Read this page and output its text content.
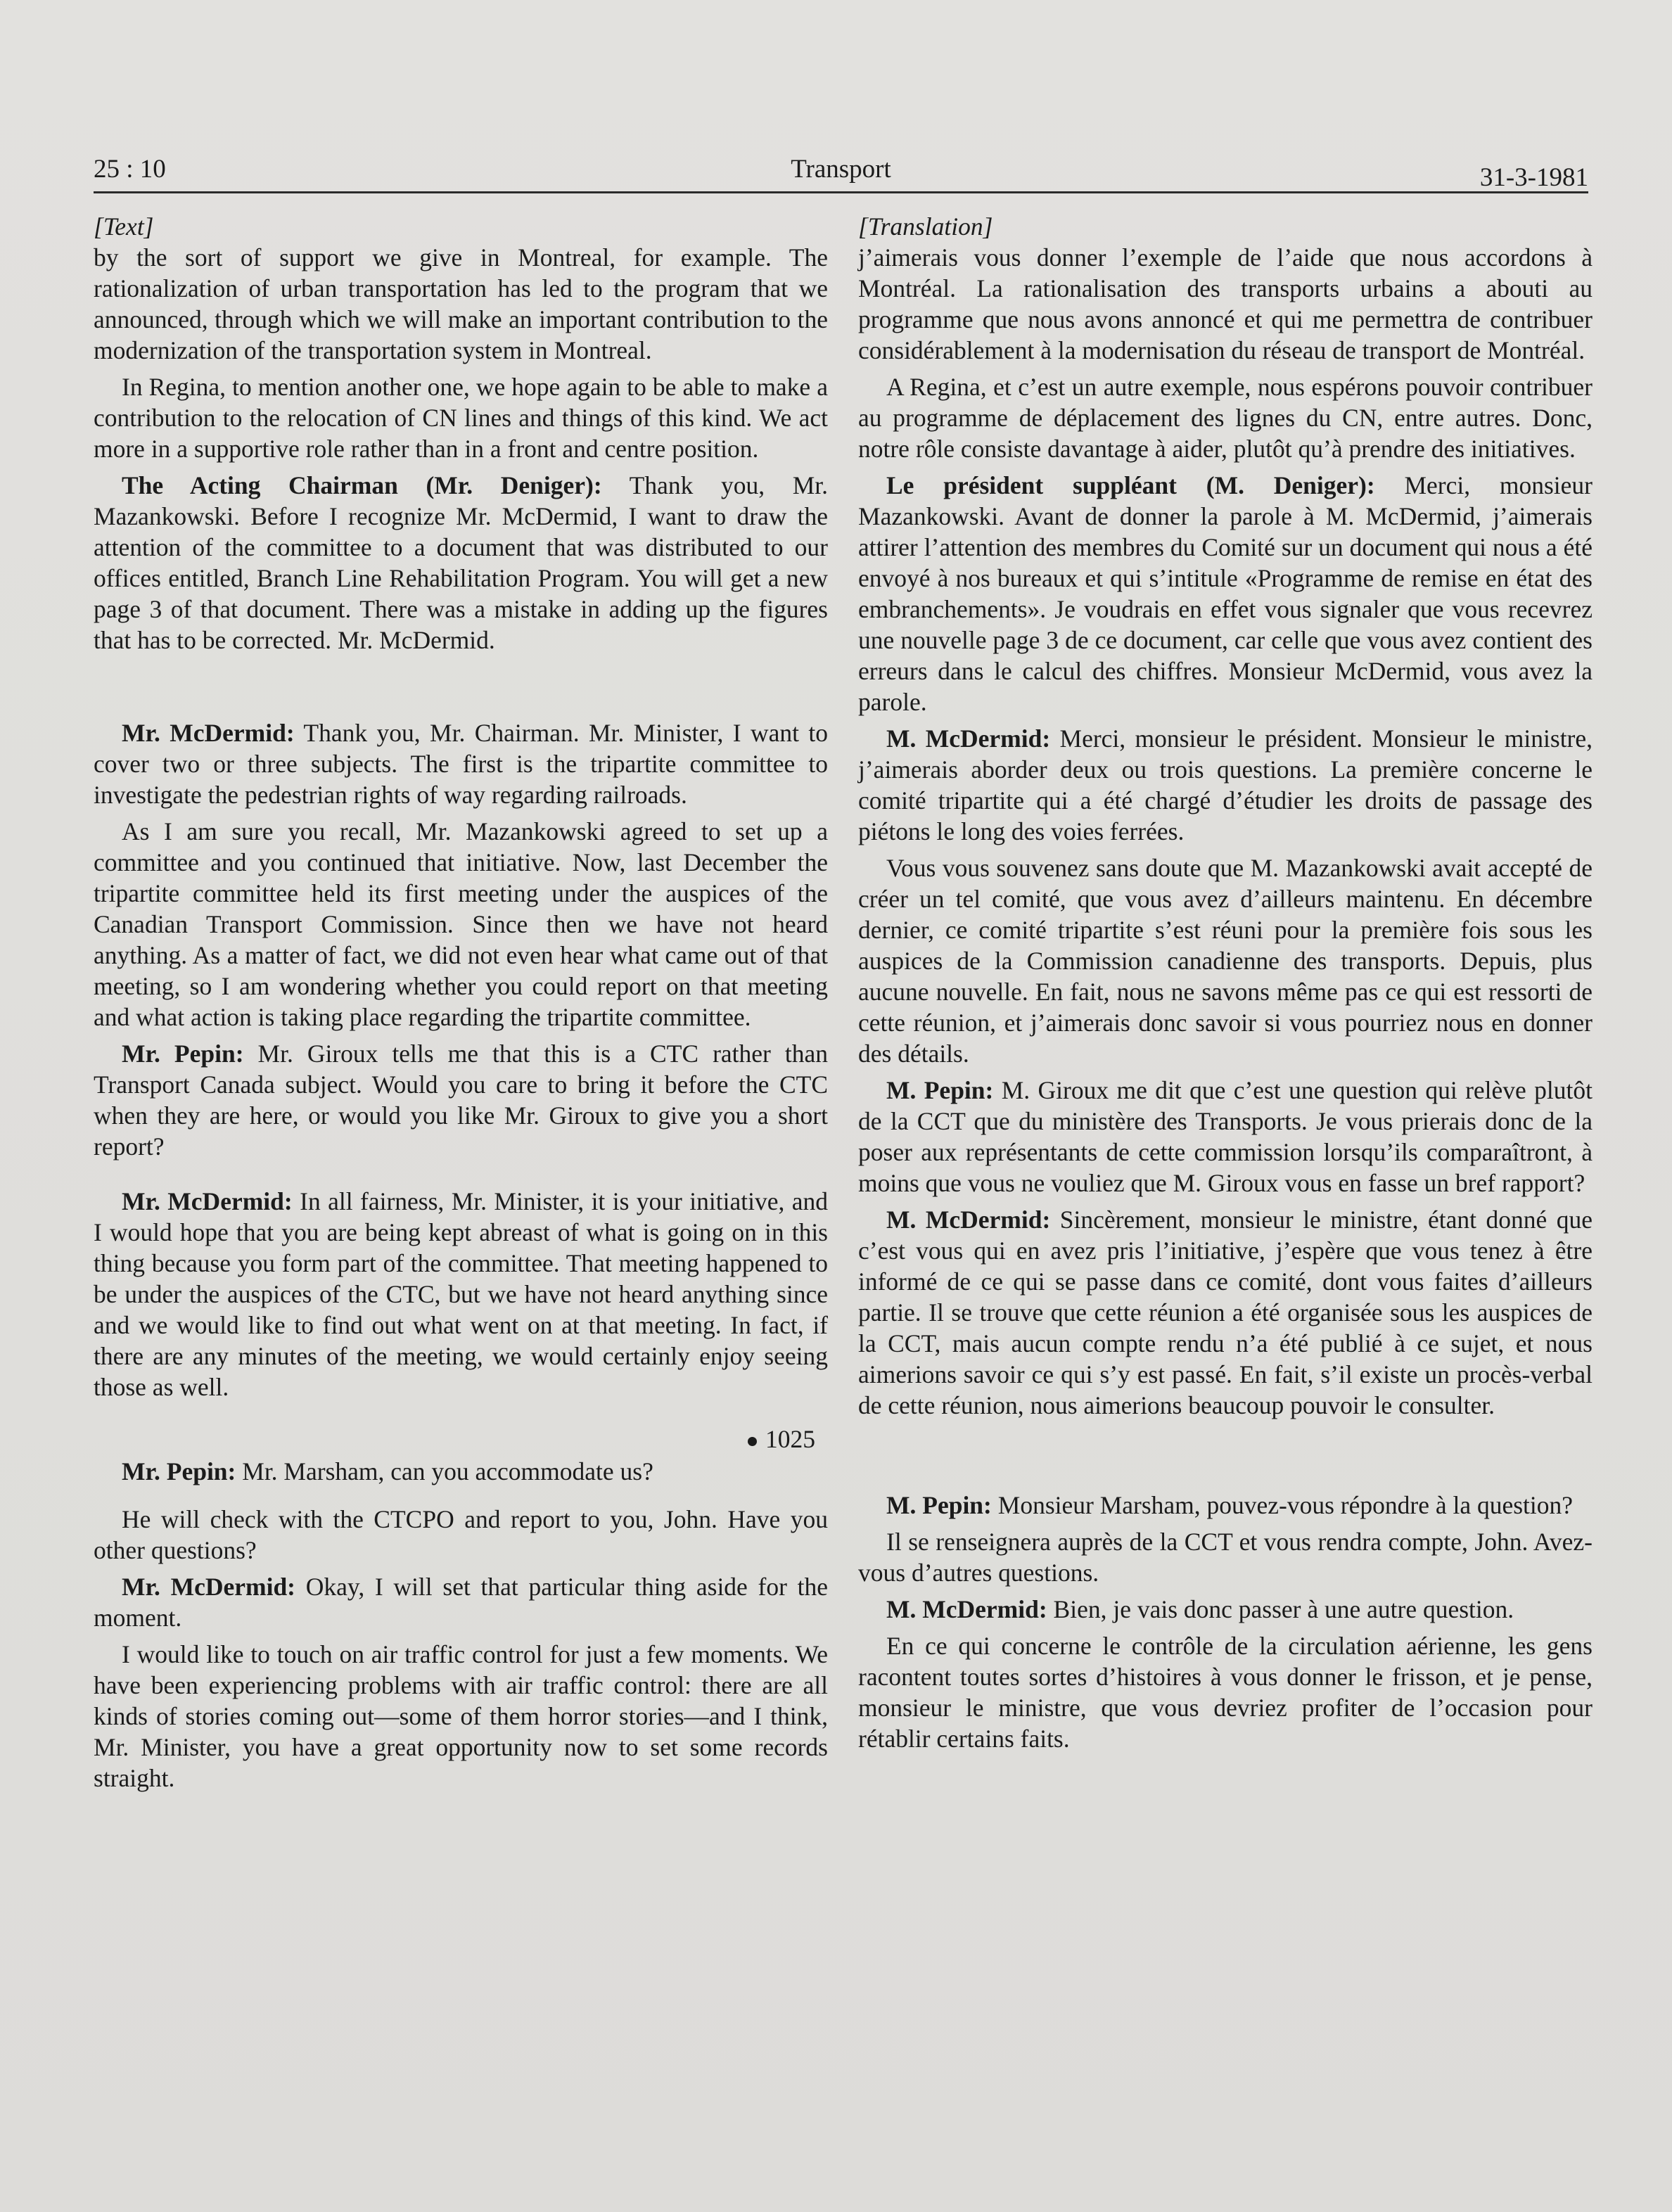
25 : 10	Transport	31-3-1981

[Text]

by the sort of support we give in Montreal, for example. The rationalization of urban transportation has led to the program that we announced, through which we will make an important contribution to the modernization of the transportation system in Montreal.

In Regina, to mention another one, we hope again to be able to make a contribution to the relocation of CN lines and things of this kind. We act more in a supportive role rather than in a front and centre position.

The Acting Chairman (Mr. Deniger): Thank you, Mr. Mazankowski. Before I recognize Mr. McDermid, I want to draw the attention of the committee to a document that was distributed to our offices entitled, Branch Line Rehabilitation Program. You will get a new page 3 of that document. There was a mistake in adding up the figures that has to be corrected. Mr. McDermid.

Mr. McDermid: Thank you, Mr. Chairman. Mr. Minister, I want to cover two or three subjects. The first is the tripartite committee to investigate the pedestrian rights of way regarding railroads.

As I am sure you recall, Mr. Mazankowski agreed to set up a committee and you continued that initiative. Now, last December the tripartite committee held its first meeting under the auspices of the Canadian Transport Commission. Since then we have not heard anything. As a matter of fact, we did not even hear what came out of that meeting, so I am wondering whether you could report on that meeting and what action is taking place regarding the tripartite committee.

Mr. Pepin: Mr. Giroux tells me that this is a CTC rather than Transport Canada subject. Would you care to bring it before the CTC when they are here, or would you like Mr. Giroux to give you a short report?

Mr. McDermid: In all fairness, Mr. Minister, it is your initiative, and I would hope that you are being kept abreast of what is going on in this thing because you form part of the committee. That meeting happened to be under the auspices of the CTC, but we have not heard anything since and we would like to find out what went on at that meeting. In fact, if there are any minutes of the meeting, we would certainly enjoy seeing those as well.

1025

Mr. Pepin: Mr. Marsham, can you accommodate us?

He will check with the CTCPO and report to you, John. Have you other questions?

Mr. McDermid: Okay, I will set that particular thing aside for the moment.

I would like to touch on air traffic control for just a few moments. We have been experiencing problems with air traffic control: there are all kinds of stories coming out—some of them horror stories—and I think, Mr. Minister, you have a great opportunity now to set some records straight.

[Translation]

j’aimerais vous donner l’exemple de l’aide que nous accordons à Montréal. La rationalisation des transports urbains a abouti au programme que nous avons annoncé et qui me permettra de contribuer considérablement à la modernisation du réseau de transport de Montréal.

A Regina, et c’est un autre exemple, nous espérons pouvoir contribuer au programme de déplacement des lignes du CN, entre autres. Donc, notre rôle consiste davantage à aider, plutôt qu’à prendre des initiatives.

Le président suppléant (M. Deniger): Merci, monsieur Mazankowski. Avant de donner la parole à M. McDermid, j’aimerais attirer l’attention des membres du Comité sur un document qui nous a été envoyé à nos bureaux et qui s’intitule «Programme de remise en état des embranchements». Je voudrais en effet vous signaler que vous recevrez une nouvelle page 3 de ce document, car celle que vous avez contient des erreurs dans le calcul des chiffres. Monsieur McDermid, vous avez la parole.

M. McDermid: Merci, monsieur le président. Monsieur le ministre, j’aimerais aborder deux ou trois questions. La première concerne le comité tripartite qui a été chargé d’étudier les droits de passage des piétons le long des voies ferrées.

Vous vous souvenez sans doute que M. Mazankowski avait accepté de créer un tel comité, que vous avez d’ailleurs maintenu. En décembre dernier, ce comité tripartite s’est réuni pour la première fois sous les auspices de la Commission canadienne des transports. Depuis, plus aucune nouvelle. En fait, nous ne savons même pas ce qui est ressorti de cette réunion, et j’aimerais donc savoir si vous pourriez nous en donner des détails.

M. Pepin: M. Giroux me dit que c’est une question qui relève plutôt de la CCT que du ministère des Transports. Je vous prierais donc de la poser aux représentants de cette commission lorsqu’ils comparaîtront, à moins que vous ne vouliez que M. Giroux vous en fasse un bref rapport?

M. McDermid: Sincèrement, monsieur le ministre, étant donné que c’est vous qui en avez pris l’initiative, j’espère que vous tenez à être informé de ce qui se passe dans ce comité, dont vous faites d’ailleurs partie. Il se trouve que cette réunion a été organisée sous les auspices de la CCT, mais aucun compte rendu n’a été publié à ce sujet, et nous aimerions savoir ce qui s’y est passé. En fait, s’il existe un procès-verbal de cette réunion, nous aimerions beaucoup pouvoir le consulter.

M. Pepin: Monsieur Marsham, pouvez-vous répondre à la question?

Il se renseignera auprès de la CCT et vous rendra compte, John. Avez-vous d’autres questions.

M. McDermid: Bien, je vais donc passer à une autre question.

En ce qui concerne le contrôle de la circulation aérienne, les gens racontent toutes sortes d’histoires à vous donner le frisson, et je pense, monsieur le ministre, que vous devriez profiter de l’occasion pour rétablir certains faits.
